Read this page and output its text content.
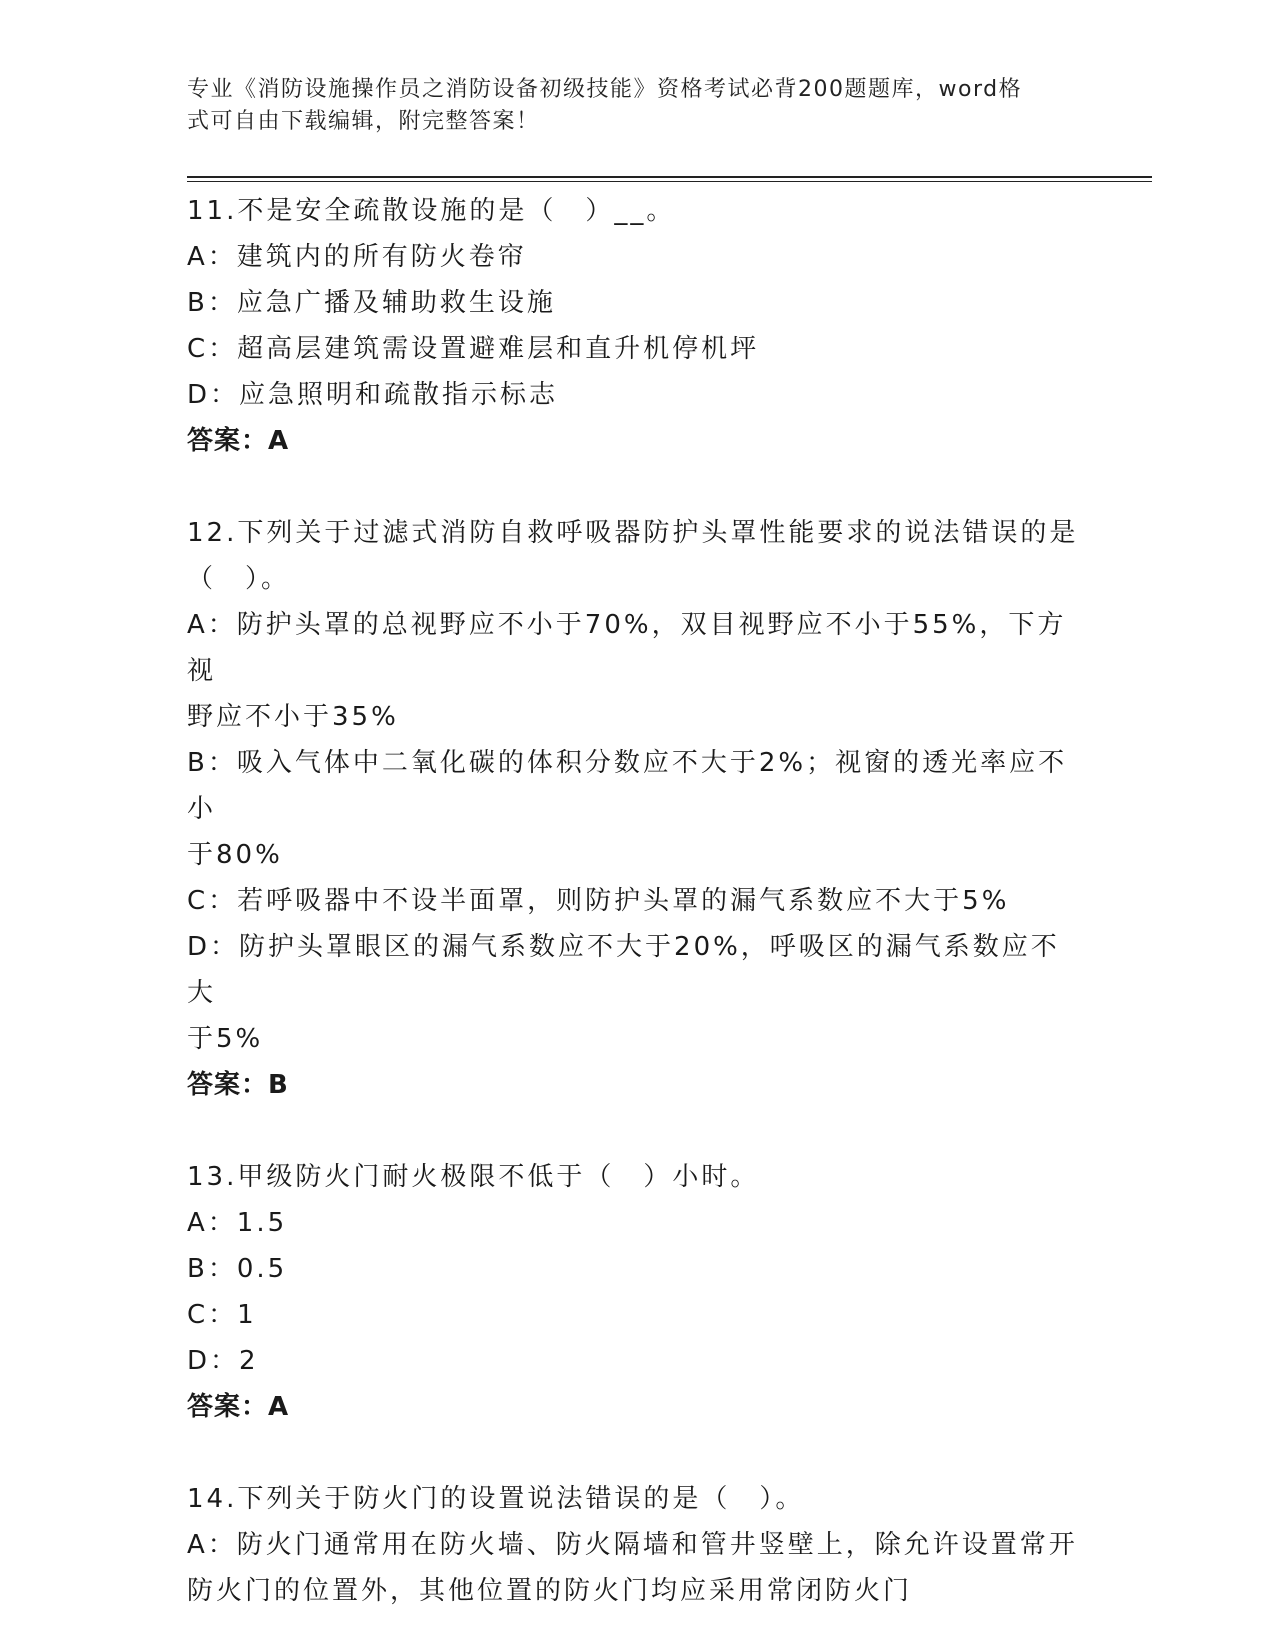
专业《消防设施操作员之消防设备初级技能》资格考试必背200题题库，word格
式可自由下载编辑，附完整答案！

11.不是安全疏散设施的是（　）__。

A：建筑内的所有防火卷帘

B：应急广播及辅助救生设施

C：超高层建筑需设置避难层和直升机停机坪

D：应急照明和疏散指示标志

答案：A

12.下列关于过滤式消防自救呼吸器防护头罩性能要求的说法错误的是

（　）。

A：防护头罩的总视野应不小于70%，双目视野应不小于55%，下方视

野应不小于35%

B：吸入气体中二氧化碳的体积分数应不大于2%；视窗的透光率应不小

于80%

C：若呼吸器中不设半面罩，则防护头罩的漏气系数应不大于5%

D：防护头罩眼区的漏气系数应不大于20%，呼吸区的漏气系数应不大

于5%

答案：B

13.甲级防火门耐火极限不低于（　）小时。

A：1.5

B：0.5

C：1

D：2

答案：A

14.下列关于防火门的设置说法错误的是（　）。

A：防火门通常用在防火墙、防火隔墙和管井竖壁上，除允许设置常开

防火门的位置外，其他位置的防火门均应采用常闭防火门
